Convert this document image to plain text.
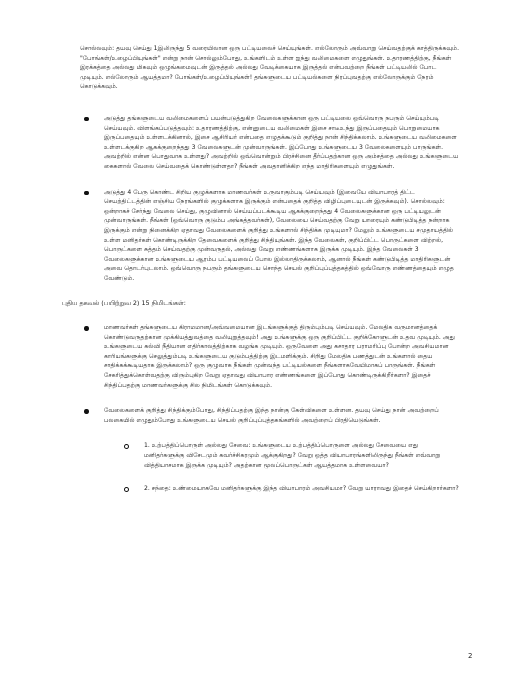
சொல்லவும்: தயவு செய்து 1இலிருந்து 5 வரையிலான ஒரு பட்டியலைச் செய்யுங்கள். எல்லோரும் அவ்வாறு செய்வதற்குக் காத்திருக்கவும். "போங்கள்/உழைப்பியுங்கள்" என்று நான் சொல்லும்போது, உங்களிடம் உள்ள ஐந்து வலிமைகளை எழுதுங்கள். உதாரணத்திற்கு, நீங்கள் இரக்கத்தை அல்லது மிகவும் ஒழுங்கமைவுடன் இருத்தல் அல்லது வேடிக்கையாக இருத்தல் என்பவற்றை நீங்கள் பட்டியலில் போட முடியும். எல்லோரும் ஆயத்தமா? போங்கள்/உழைப்பியுங்கள்! தங்களுடைய பட்டியல்களை நிரப்புவதற்கு எல்லோருக்கும் நேரம் கொடுக்கவும்.

அடுத்து தங்களுடைய வலிமைகளைப் பயன்படுத்துகிற வேலைகளுக்கான ஒரு பட்டியலை ஒவ்வொரு நபரும் செய்யும்படி செய்யவும். விளங்கப்படுத்தவும்: உதாரணத்திற்கு, என்னுடைய வலிமைகள் இசை சாடீஉந்து இருப்பதையும் பொறுமையாக இருப்பதையும் உள்ளடக்கினால், இசை ஆசிரியர் என்பதை எழுதக்கூடும் குறித்து நான் சிந்திக்கலாம். உங்களுடைய வலிமைகளை உள்ளடக்குகிற ஆகக்குறைந்தது 3 வேலைகளுடன் முன்வாருங்கள். இப்போது உங்களுடைய 3 வேலைகளையும் பாருங்கள். அவற்றில் என்ன பொதுவாக உள்ளது? அவற்றில் ஒவ்வொன்றும் பிரச்சினை தீர்ப்பதற்கான ஒரு அம்சத்தை அல்லது உங்களுடைய கைகளால் வேலை செய்வதைக் கொண்டுள்ளதா? நீங்கள் அவதானிக்கிற எந்த மாதிரிகளையும் எழுதுங்கள்.

அடுத்து 4 பேரு கொண்ட சிறிய குழுக்களாக மாணவர்கள் உருவாகும்படி செய்யவும் (இவையே வியாபாரத் திட்ட செயற்திட்டத்தின் எஞ்சிய நேரங்களில் குழுக்களாக இருக்கும் என்பதைக் குறித்த விழிப்புடையுடன் இருக்கவும்). சொல்லவும்: ஒன்றாகச் சேர்ந்து வேலை செய்து, குழுவினால் செய்யப்படக்கூடிய ஆகக்குறைந்தது 4 வேலைகளுக்கான ஒரு பட்டியலுடன் முன்வாருங்கள். நீங்கள் (ஒவ்வொரு குடும்ப அங்கத்தவர்கள்), வேலையை செய்வதற்கு வேறு யாரையும் கண்டுபிடித்த நன்றாக இருக்கும் என்று நினைக்கிற ஏதாவது வேலைகளைக் குறித்து உங்களால் சிந்திக்க முடியுமா? மேலும் உங்களுடைய சமுதாயத்தில் உள்ள மனிதர்கள் கொண்டிருக்கிற தேவைகளைக் குறித்து சிந்தியுங்கள். இந்த வேலைகள், குறிப்பிட்ட பொருட்களை விற்றல், பொருட்களை சுத்தம் செய்வதற்கு முன்வருதல், அல்லது வேறு எண்ணங்களாக இருக்க முடியும். இந்த வேலைகள் 3 வேலைகளுக்கான உங்களுடைய ஆரம்ப பட்டியலைப் போல இல்லாதிருக்கலாம், ஆனால் நீங்கள் கண்டுபிடித்த மாதிரிகளுடன் அவை தொடர்புடலாம். ஒவ்வொரு நபரும் தங்களுடைய சொந்த செயல் குறிப்புப்புத்தகத்தில் ஒவ்வோரு எண்ணத்தையும் எழுத வேண்டும்.

புதிய தகவல் (பயிற்றுவ 2) 15 நிமிடங்கள்:

மாணவர்கள் தங்களுடைய கிராமமான/அவ்வமையான இடங்களுக்குத் திரும்பும்படி செய்யவும். மேலதிக வருமானத்தைக் கொண்டுவருதற்கான முக்கியத்துவத்தை வலியுறுத்தவும்! அது உங்களுக்கு ஒரு குறிப்பிட்ட குறிக்கோளுடன் உதவ முடியும். அது உங்களுடைய கல்வி நீதியான எதிர்காலத்திற்காக வழங்க முடியும். ஒருவேளை அது கசாதார பராமரிப்பு போன்ற அவசியமான காரியங்களுக்கு செலுத்தும்படி உங்களுடைய குடும்பத்திற்கு இடமளிக்கும். சிறிது மேலதிக பணத்துடன் உங்களால் தைய சாதிக்கக்கூடியதாக இருக்கலாம்? ஒரு குழுவாக நீங்கள் முன்வந்த பட்டியல்களை நீங்களாகவேயிமாகப் பாருங்கள். நீங்கள் சேகரித்துக்கொள்வதற்கு விரும்புகிற வேறு ஏதாவது வியாபார எண்ணங்களை இப்போது கொண்டிருக்கிறீர்களா? இதைச் சிந்திப்பதற்கு மாணவர்களுக்கு சில நிமிடங்கள் கொடுக்கவும்.

வேலைகளைக் குறித்து சிந்திக்கும்போது, சிந்திப்பதற்கு இந்த நான்கு கேள்விகளை உள்ளன. தயவு செய்து நான் அவற்றைப் பலகையில் எழுதும்போது உங்களுடைய செயல் குறிப்புப்புத்தகங்களில் அவற்றைப் பிரதியெடுங்கள்.

1. உற்பத்திப்பொருள் அல்லது சேவை: உங்களுடைய உற்பத்திப்பொருளை அல்லது சேவையை எது மனிதர்களுக்கு விசேடமும் கவர்ச்சிகரமும் ஆக்குகிறது? வேறு ஒத்த வியாபாரங்களிலிருந்து நீங்கள் எவ்வாறு வித்தியாசமாக இருக்க முடியும்? அதற்கான மூலப்பொருட்கள் ஆயத்தமாக உள்ளவையா?

2. சந்தை: உண்மையாகவே மனிதர்களுக்கு இந்த வியாபாரம் அவசியமா? வேறு யாராவது இதைச் செய்கிறார்களா?

2
